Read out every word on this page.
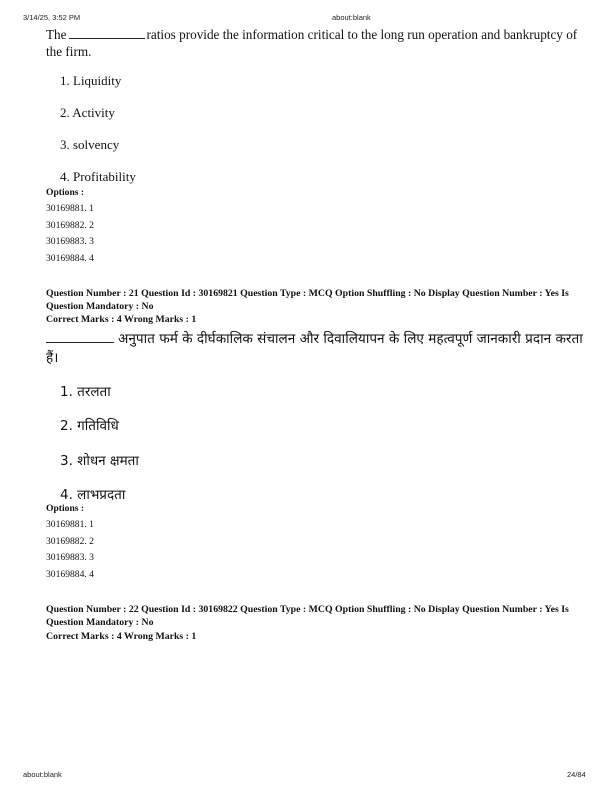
3/14/25, 3:52 PM	about:blank
The	ratios provide the information critical to the long run operation and bankruptcy of the firm.
1. Liquidity
2. Activity
3. solvency
4. Profitability
Options :
30169881. 1
30169882. 2
30169883. 3
30169884. 4
Question Number : 21 Question Id : 30169821 Question Type : MCQ Option Shuffling : No Display Question Number : Yes Is Question Mandatory : No
Correct Marks : 4 Wrong Marks : 1
अनुपात फर्म के दीर्घकालिक संचालन और दिवालियापन के लिए महत्वपूर्ण जानकारी प्रदान करता हैं।
1. तरलता
2. गतिविधि
3. शोधन क्षमता
4. लाभप्रदता
Options :
30169881. 1
30169882. 2
30169883. 3
30169884. 4
Question Number : 22 Question Id : 30169822 Question Type : MCQ Option Shuffling : No Display Question Number : Yes Is Question Mandatory : No
Correct Marks : 4 Wrong Marks : 1
about:blank	24/84
